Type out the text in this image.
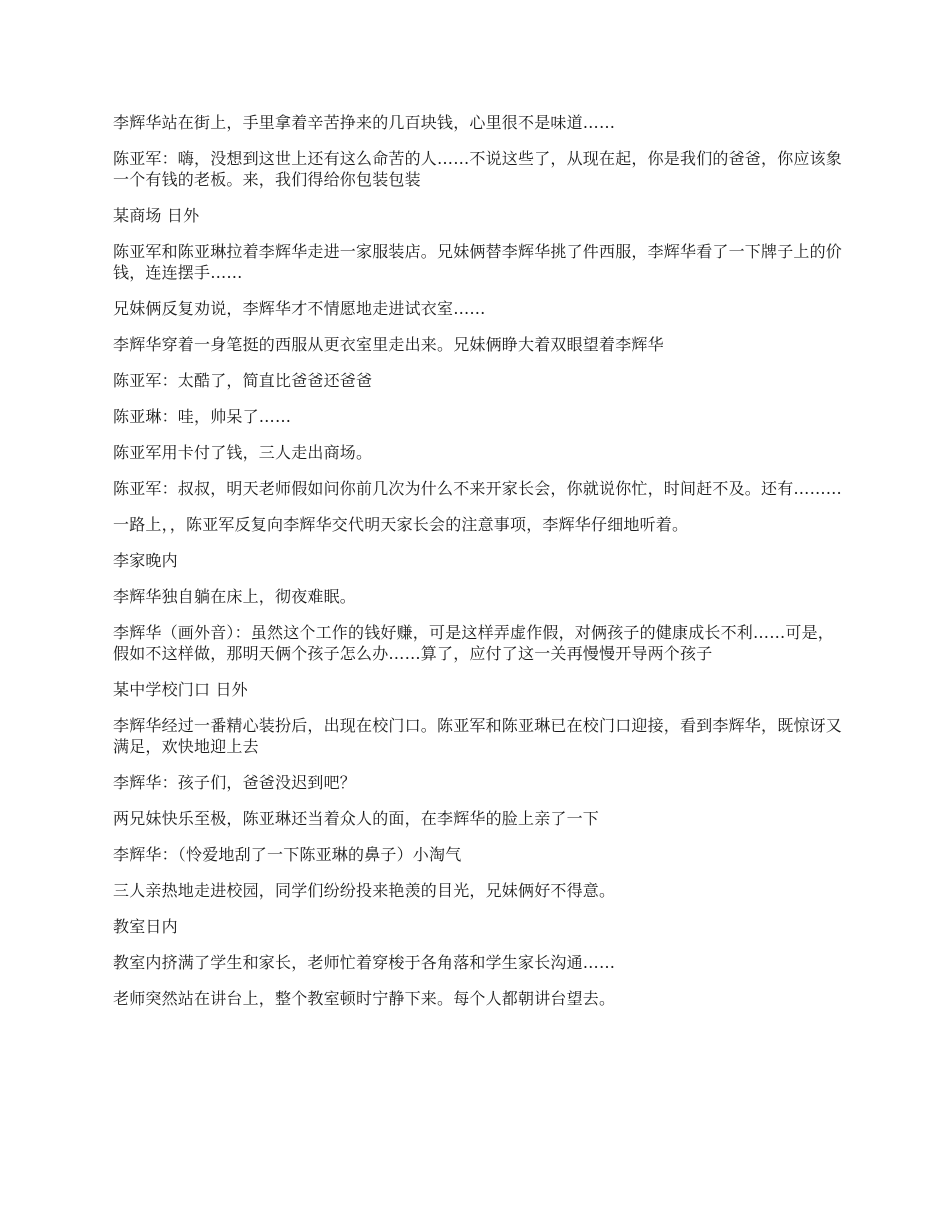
李辉华站在街上，手里拿着辛苦挣来的几百块钱，心里很不是味道……

陈亚军：嗨，没想到这世上还有这么命苦的人……不说这些了，从现在起，你是我们的爸爸，你应该象一个有钱的老板。来，我们得给你包装包装

某商场 日外

陈亚军和陈亚琳拉着李辉华走进一家服装店。兄妹俩替李辉华挑了件西服，李辉华看了一下牌子上的价钱，连连摆手……

兄妹俩反复劝说，李辉华才不情愿地走进试衣室……

李辉华穿着一身笔挺的西服从更衣室里走出来。兄妹俩睁大着双眼望着李辉华

陈亚军：太酷了，简直比爸爸还爸爸

陈亚琳：哇，帅呆了……

陈亚军用卡付了钱，三人走出商场。

陈亚军：叔叔，明天老师假如问你前几次为什么不来开家长会，你就说你忙，时间赶不及。还有………

一路上，，陈亚军反复向李辉华交代明天家长会的注意事项，李辉华仔细地听着。

李家晚内

李辉华独自躺在床上，彻夜难眠。

李辉华（画外音）：虽然这个工作的钱好赚，可是这样弄虚作假，对俩孩子的健康成长不利……可是，假如不这样做，那明天俩个孩子怎么办……算了，应付了这一关再慢慢开导两个孩子

某中学校门口 日外

李辉华经过一番精心装扮后，出现在校门口。陈亚军和陈亚琳已在校门口迎接，看到李辉华，既惊讶又满足，欢快地迎上去

李辉华：孩子们，爸爸没迟到吧？

两兄妹快乐至极，陈亚琳还当着众人的面，在李辉华的脸上亲了一下

李辉华：（怜爱地刮了一下陈亚琳的鼻子）小淘气

三人亲热地走进校园，同学们纷纷投来艳羡的目光，兄妹俩好不得意。

教室日内

教室内挤满了学生和家长，老师忙着穿梭于各角落和学生家长沟通……

老师突然站在讲台上，整个教室顿时宁静下来。每个人都朝讲台望去。
